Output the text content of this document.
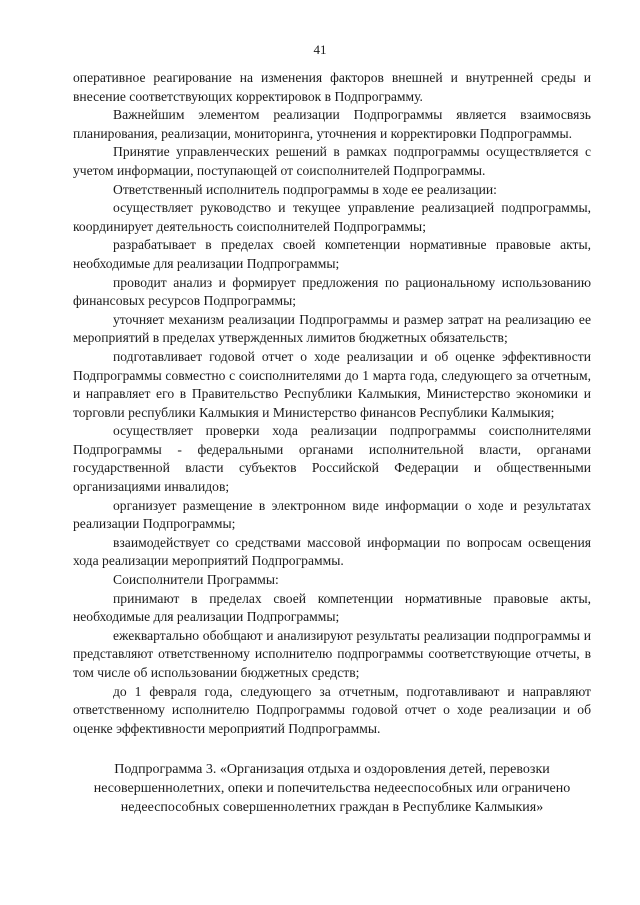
41

оперативное реагирование на изменения факторов внешней и внутренней среды и внесение соответствующих корректировок в Подпрограмму.

Важнейшим элементом реализации Подпрограммы является взаимосвязь планирования, реализации, мониторинга, уточнения и корректировки Подпрограммы.

Принятие управленческих решений в рамках подпрограммы осуществляется с учетом информации, поступающей от соисполнителей Подпрограммы.

Ответственный исполнитель подпрограммы в ходе ее реализации:

осуществляет руководство и текущее управление реализацией подпрограммы, координирует деятельность соисполнителей Подпрограммы;

разрабатывает в пределах своей компетенции нормативные правовые акты, необходимые для реализации Подпрограммы;

проводит анализ и формирует предложения по рациональному использованию финансовых ресурсов Подпрограммы;

уточняет механизм реализации Подпрограммы и размер затрат на реализацию ее мероприятий в пределах утвержденных лимитов бюджетных обязательств;

подготавливает годовой отчет о ходе реализации и об оценке эффективности Подпрограммы совместно с соисполнителями до 1 марта года, следующего за отчетным, и направляет его в Правительство Республики Калмыкия, Министерство экономики и торговли республики Калмыкия и Министерство финансов Республики Калмыкия;

осуществляет проверки хода реализации подпрограммы соисполнителями Подпрограммы - федеральными органами исполнительной власти, органами государственной власти субъектов Российской Федерации и общественными организациями инвалидов;

организует размещение в электронном виде информации о ходе и результатах реализации Подпрограммы;

взаимодействует со средствами массовой информации по вопросам освещения хода реализации мероприятий Подпрограммы.

Соисполнители Программы:

принимают в пределах своей компетенции нормативные правовые акты, необходимые для реализации Подпрограммы;

ежеквартально обобщают и анализируют результаты реализации подпрограммы и представляют ответственному исполнителю подпрограммы соответствующие отчеты, в том числе об использовании бюджетных средств;

до 1 февраля года, следующего за отчетным, подготавливают и направляют ответственному исполнителю Подпрограммы годовой отчет о ходе реализации и об оценке эффективности мероприятий Подпрограммы.

Подпрограмма 3. «Организация отдыха и оздоровления детей, перевозки несовершеннолетних, опеки и попечительства недееспособных или ограничено недееспособных совершеннолетних граждан в Республике Калмыкия»
